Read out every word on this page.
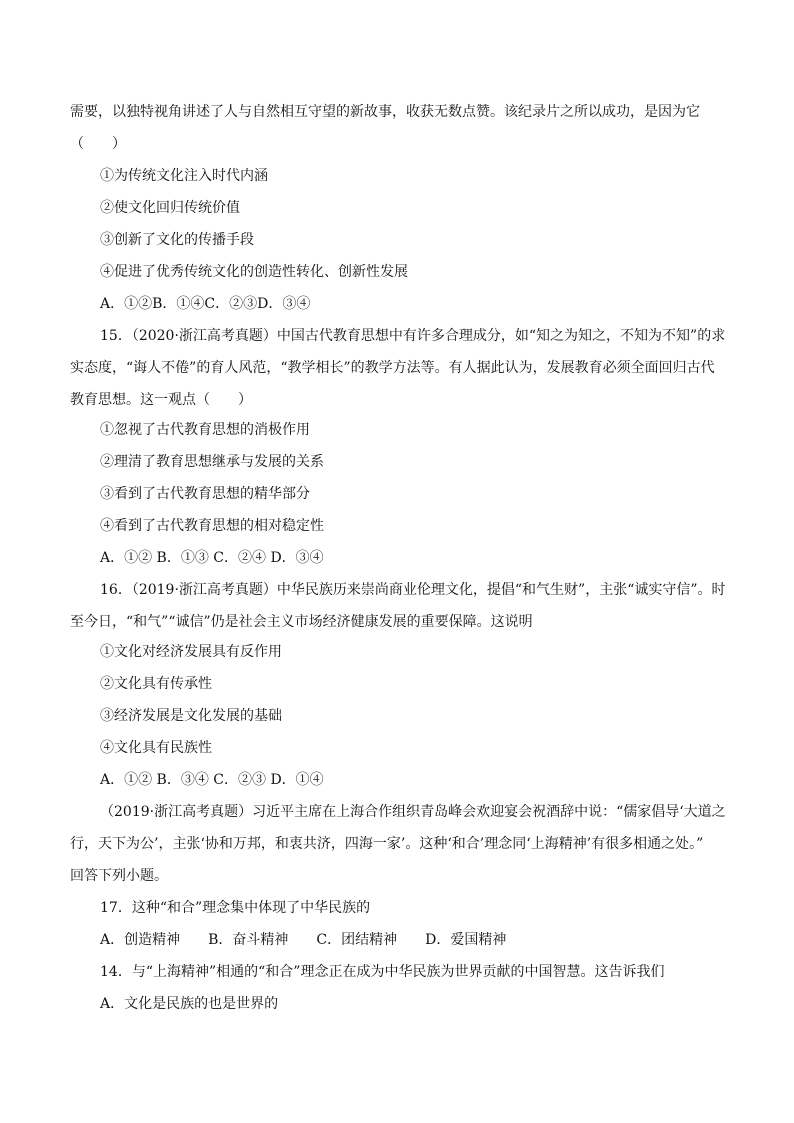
需要，以独特视角讲述了人与自然相互守望的新故事，收获无数点赞。该纪录片之所以成功，是因为它
（　　）
①为传统文化注入时代内涵
②使文化回归传统价值
③创新了文化的传播手段
④促进了优秀传统文化的创造性转化、创新性发展
A．①②B．①④C．②③D．③④
15．（2020·浙江高考真题）中国古代教育思想中有许多合理成分，如“知之为知之，不知为不知”的求
实态度，“诲人不倦”的育人风范，“教学相长”的教学方法等。有人据此认为，发展教育必须全面回归古代
教育思想。这一观点（　　）
①忽视了古代教育思想的消极作用
②理清了教育思想继承与发展的关系
③看到了古代教育思想的精华部分
④看到了古代教育思想的相对稳定性
A．①② B．①③ C．②④ D．③④
16．（2019·浙江高考真题）中华民族历来崇尚商业伦理文化，提倡“和气生财”，主张“诚实守信”。时
至今日，“和气”“诚信”仍是社会主义市场经济健康发展的重要保障。这说明
①文化对经济发展具有反作用
②文化具有传承性
③经济发展是文化发展的基础
④文化具有民族性
A．①② B．③④ C．②③ D．①④
（2019·浙江高考真题）习近平主席在上海合作组织青岛峰会欢迎宴会祝酒辞中说：“儒家倡导‘大道之
行，天下为公’，主张‘协和万邦，和衷共济，四海一家’。这种‘和合’理念同‘上海精神’有很多相通之处。”
回答下列小题。
17．这种“和合”理念集中体现了中华民族的
A．创造精神　　B．奋斗精神　　C．团结精神　　D．爱国精神
14．与“上海精神”相通的“和合”理念正在成为中华民族为世界贡献的中国智慧。这告诉我们
A．文化是民族的也是世界的
